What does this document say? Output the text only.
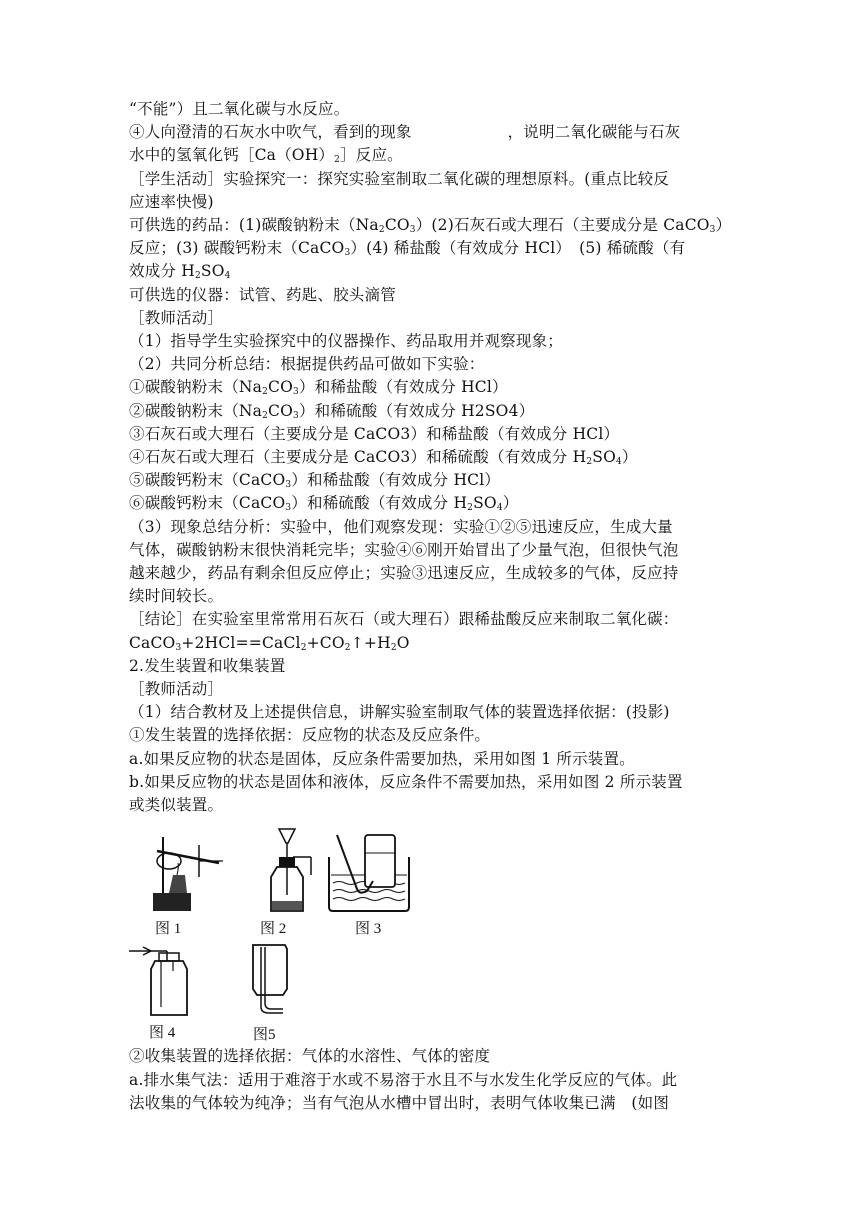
“不能”）且二氧化碳与水反应。
④人向澄清的石灰水中吹气，看到的现象	，说明二氧化碳能与石灰
水中的氢氧化钙$[Ca(OH)_2]$反应。
［学生活动］实验探究一：探究实验室制取二氧化碳的理想原料。(重点比较反
应速率快慢)
可供选的药品：(1)碳酸钠粉末$(Na_2CO_3)(2)$石灰石或大理石（主要成分是 CaCO$_3$）
反应；(3) 碳酸钙粉末（CaCO$_3$）(4) 稀盐酸（有效成分 HCl）　(5) 稀硫酸（有
效成分 $H_2SO_4$
可供选的仪器：试管、药匙、胶头滴管
［教师活动］
（1）指导学生实验探究中的仪器操作、药品取用并观察现象；
（2）共同分析总结：根据提供药品可做如下实验：
①碳酸钠粉末$(Na_2CO_3)$和稀盐酸（有效成分 HCl）
②碳酸钠粉末$(Na_2CO_3)$和稀硫酸（有效成分 H2SO4）
③石灰石或大理石（主要成分是 CaCO3）和稀盐酸（有效成分 HCl）
④石灰石或大理石（主要成分是 CaCO3）和稀硫酸（有效成分 $H_2SO_4$）
⑤碳酸钙粉末（CaCO$_3$）和稀盐酸（有效成分 HCl）
⑥碳酸钙粉末（CaCO$_3$）和稀硫酸（有效成分 $H_2SO_4$）
（3）现象总结分析：实验中，他们观察发现：实验①②⑤迅速反应，生成大量
气体，碳酸钠粉末很快消耗完毕；实验④⑥刚开始冒出了少量气泡，但很快气泡
越来越少，药品有剩余但反应停止；实验③迅速反应，生成较多的气体，反应持
续时间较长。
［结论］在实验室里常常用石灰石（或大理石）跟稀盐酸反应来制取二氧化碳：
$CaCO_3+2HCl==CaCl_2+CO_2↑+H_2O$
2.发生装置和收集装置
［教师活动］
（1）结合教材及上述提供信息，讲解实验室制取气体的装置选择依据：(投影)
①发生装置的选择依据：反应物的状态及反应条件。
a.如果反应物的状态是固体，反应条件需要加热，采用如图 1 所示装置。
b.如果反应物的状态是固体和液体，反应条件不需要加热，采用如图 2 所示装置
或类似装置。
图 1	图 2	图 3
图 4	图5
②收集装置的选择依据：气体的水溶性、气体的密度
a.排水集气法：适用于难溶于水或不易溶于水且不与水发生化学反应的气体。此
法收集的气体较为纯净；当有气泡从水槽中冒出时，表明气体收集已满　(如图
